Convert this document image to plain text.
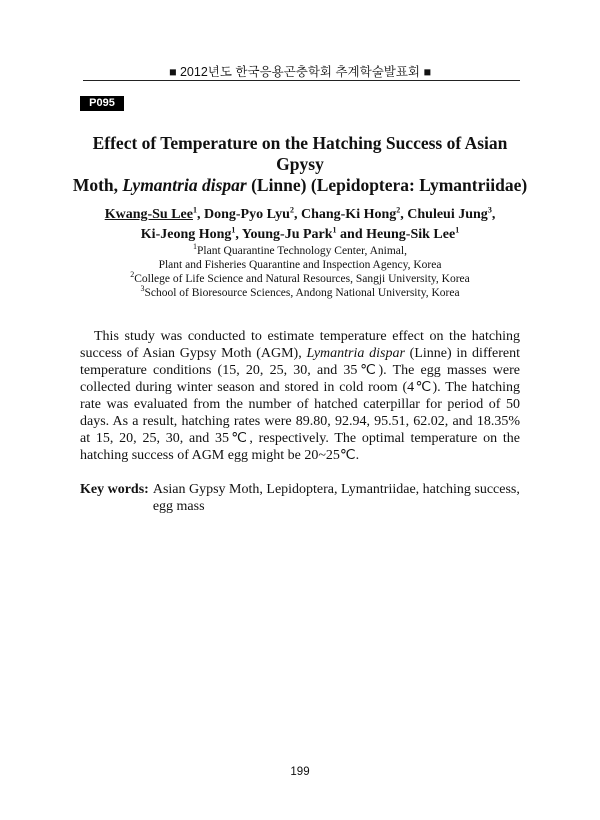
■ 2012년도 한국응용곤충학회 추계학술발표회 ■
P095
Effect of Temperature on the Hatching Success of Asian Gpysy
Moth, Lymantria dispar (Linne) (Lepidoptera: Lymantriidae)
Kwang-Su Lee$^1$, Dong-Pyo Lyu$^2$, Chang-Ki Hong$^2$, Chuleui Jung$^3$,
Ki-Jeong Hong$^1$, Young-Ju Park$^1$ and Heung-Sik Lee$^1$
$^1$Plant Quarantine Technology Center, Animal,
Plant and Fisheries Quarantine and Inspection Agency, Korea
$^2$College of Life Science and Natural Resources, Sangji University, Korea
$^3$School of Bioresource Sciences, Andong National University, Korea
This study was conducted to estimate temperature effect on the hatching success of Asian Gypsy Moth (AGM), Lymantria dispar (Linne) in different temperature conditions (15, 20, 25, 30, and 35℃). The egg masses were collected during winter season and stored in cold room (4℃). The hatching rate was evaluated from the number of hatched caterpillar for period of 50 days. As a result, hatching rates were 89.80, 92.94, 95.51, 62.02, and 18.35% at 15, 20, 25, 30, and 35℃, respectively. The optimal temperature on the hatching success of AGM egg might be 20~25℃.
Key words: Asian Gypsy Moth, Lepidoptera, Lymantriidae, hatching success, egg mass
199
